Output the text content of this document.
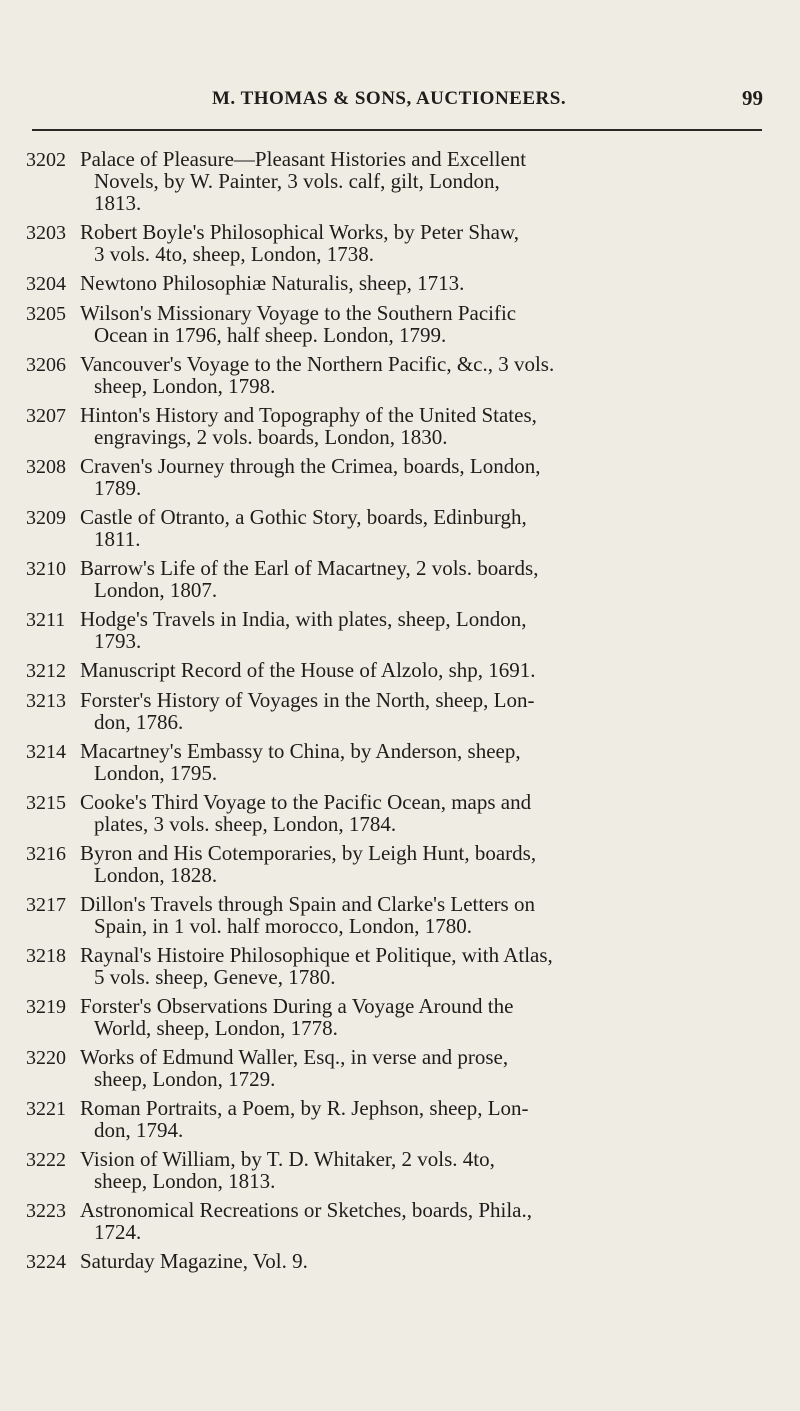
M. THOMAS & SONS, AUCTIONEERS.	99
3202 Palace of Pleasure—Pleasant Histories and Excellent
Novels, by W. Painter, 3 vols. calf, gilt, London,
1813.
3203 Robert Boyle's Philosophical Works, by Peter Shaw,
3 vols. 4to, sheep, London, 1738.
3204 Newtono Philosophiæ Naturalis, sheep, 1713.
3205 Wilson's Missionary Voyage to the Southern Pacific
Ocean in 1796, half sheep. London, 1799.
3206 Vancouver's Voyage to the Northern Pacific, &c., 3 vols.
sheep, London, 1798.
3207 Hinton's History and Topography of the United States,
engravings, 2 vols. boards, London, 1830.
3208 Craven's Journey through the Crimea, boards, London,
1789.
3209 Castle of Otranto, a Gothic Story, boards, Edinburgh,
1811.
3210 Barrow's Life of the Earl of Macartney, 2 vols. boards,
London, 1807.
3211 Hodge's Travels in India, with plates, sheep, London,
1793.
3212 Manuscript Record of the House of Alzolo, shp, 1691.
3213 Forster's History of Voyages in the North, sheep, Lon-
don, 1786.
3214 Macartney's Embassy to China, by Anderson, sheep,
London, 1795.
3215 Cooke's Third Voyage to the Pacific Ocean, maps and
plates, 3 vols. sheep, London, 1784.
3216 Byron and His Cotemporaries, by Leigh Hunt, boards,
London, 1828.
3217 Dillon's Travels through Spain and Clarke's Letters on
Spain, in 1 vol. half morocco, London, 1780.
3218 Raynal's Histoire Philosophique et Politique, with Atlas,
5 vols. sheep, Geneve, 1780.
3219 Forster's Observations During a Voyage Around the
World, sheep, London, 1778.
3220 Works of Edmund Waller, Esq., in verse and prose,
sheep, London, 1729.
3221 Roman Portraits, a Poem, by R. Jephson, sheep, Lon-
don, 1794.
3222 Vision of William, by T. D. Whitaker, 2 vols. 4to,
sheep, London, 1813.
3223 Astronomical Recreations or Sketches, boards, Phila.,
1724.
3224 Saturday Magazine, Vol. 9.
